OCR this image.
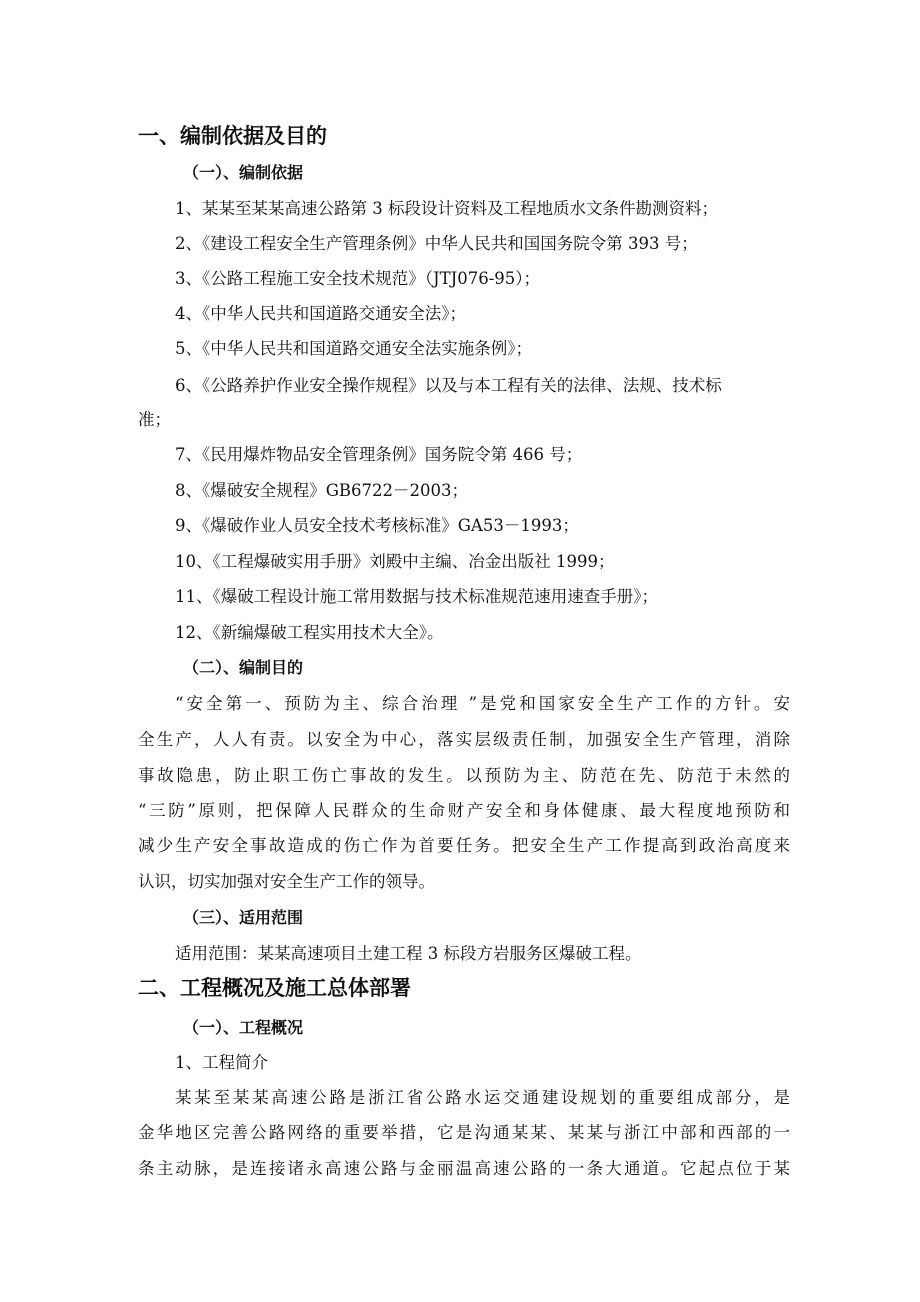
一、编制依据及目的
（一）、编制依据
1、某某至某某高速公路第 3 标段设计资料及工程地质水文条件勘测资料；
2、《建设工程安全生产管理条例》中华人民共和国国务院令第 393 号；
3、《公路工程施工安全技术规范》（JTJ076-95）；
4、《中华人民共和国道路交通安全法》；
5、《中华人民共和国道路交通安全法实施条例》；
6、《公路养护作业安全操作规程》以及与本工程有关的法律、法规、技术标
准；
7、《民用爆炸物品安全管理条例》国务院令第 466 号；
8、《爆破安全规程》GB6722－2003；
9、《爆破作业人员安全技术考核标准》GA53－1993；
10、《工程爆破实用手册》刘殿中主编、冶金出版社 1999；
11、《爆破工程设计施工常用数据与技术标准规范速用速查手册》；
12、《新编爆破工程实用技术大全》。
（二）、编制目的
“安全第一、预防为主、综合治理 ”是党和国家安全生产工作的方针。安
全生产，人人有责。以安全为中心，落实层级责任制，加强安全生产管理，消除
事故隐患，防止职工伤亡事故的发生。以预防为主、防范在先、防范于未然的
“三防”原则，把保障人民群众的生命财产安全和身体健康、最大程度地预防和
减少生产安全事故造成的伤亡作为首要任务。把安全生产工作提高到政治高度来
认识，切实加强对安全生产工作的领导。
（三）、适用范围
适用范围：某某高速项目土建工程 3 标段方岩服务区爆破工程。
二、工程概况及施工总体部署
（一）、工程概况
1、工程简介
某某至某某高速公路是浙江省公路水运交通建设规划的重要组成部分，是
金华地区完善公路网络的重要举措，它是沟通某某、某某与浙江中部和西部的一
条主动脉，是连接诸永高速公路与金丽温高速公路的一条大通道。它起点位于某
